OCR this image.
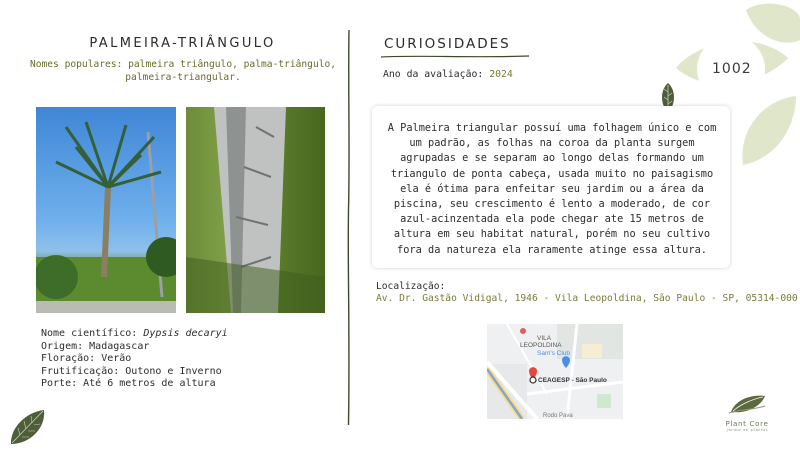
1002
PALMEIRA-TRIÂNGULO
Nomes populares: palmeira triângulo, palma-triângulo, palmeira-triangular.
Nome científico: Dypsis decaryi
Origem: Madagascar
Floração: Verão
Frutificação: Outono e Inverno
Porte: Até 6 metros de altura
CURIOSIDADES
Ano da avaliação: 2024

A Palmeira triangular possuí uma folhagem único e com um padrão, as folhas na coroa da planta surgem agrupadas e se separam ao longo delas formando um triangulo de ponta cabeça, usada muito no paisagismo ela é ótima para enfeitar seu jardim ou a área da piscina, seu crescimento é lento a moderado, de cor azul-acinzentada ela pode chegar ate 15 metros de altura em seu habitat natural, porém no seu cultivo fora da natureza ela raramente atinge essa altura.

Localização:
Av. Dr. Gastão Vidigal, 1946 - Vila Leopoldina, São Paulo - SP, 05314-000
VILA
LEOPOLDINA
Sam's Club
CEAGESP - São Paulo
Rodo Pava
Plant Core
jardim de plantas
